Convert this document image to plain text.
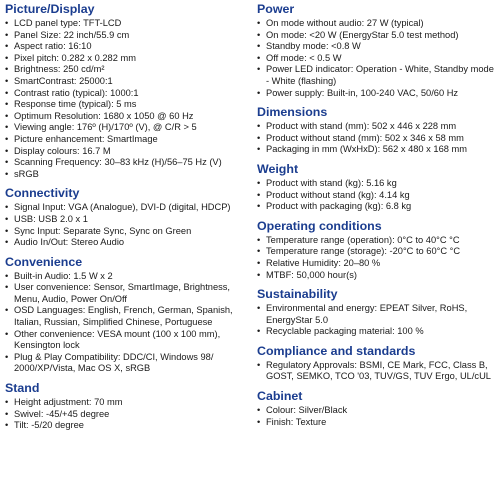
Picture/Display
• LCD panel type: TFT-LCD
• Panel Size: 22 inch/55.9 cm
• Aspect ratio: 16:10
• Pixel pitch: 0.282 x 0.282 mm
• Brightness: 250 cd/m²
• SmartContrast: 25000:1
• Contrast ratio (typical): 1000:1
• Response time (typical): 5 ms
• Optimum Resolution: 1680 x 1050 @ 60 Hz
• Viewing angle: 176º (H)/170º (V), @ C/R > 5
• Picture enhancement: SmartImage
• Display colours: 16.7 M
• Scanning Frequency: 30–83 kHz (H)/56–75 Hz (V)
• sRGB
Connectivity
• Signal Input: VGA (Analogue), DVI-D (digital, HDCP)
• USB: USB 2.0 x 1
• Sync Input: Separate Sync, Sync on Green
• Audio In/Out: Stereo Audio
Convenience
• Built-in Audio: 1.5 W x 2
• User convenience: Sensor, SmartImage, Brightness, Menu, Audio, Power On/Off
• OSD Languages: English, French, German, Spanish, Italian, Russian, Simplified Chinese, Portuguese
• Other convenience: VESA mount (100 x 100 mm), Kensington lock
• Plug & Play Compatibility: DDC/CI, Windows 98/ 2000/XP/Vista, Mac OS X, sRGB
Stand
• Height adjustment: 70 mm
• Swivel: -45/+45 degree
• Tilt: -5/20 degree
Power
• On mode without audio: 27 W (typical)
• On mode: <20 W (EnergyStar 5.0 test method)
• Standby mode: <0.8 W
• Off mode: < 0.5 W
• Power LED indicator: Operation - White, Standby mode - White (flashing)
• Power supply: Built-in, 100-240 VAC, 50/60 Hz
Dimensions
• Product with stand (mm): 502 x 446 x 228 mm
• Product without stand (mm): 502 x 346 x 58 mm
• Packaging in mm (WxHxD): 562 x 480 x 168 mm
Weight
• Product with stand (kg): 5.16 kg
• Product without stand (kg): 4.14 kg
• Product with packaging (kg): 6.8 kg
Operating conditions
• Temperature range (operation): 0°C to 40°C °C
• Temperature range (storage): -20°C to 60°C °C
• Relative Humidity: 20–80 %
• MTBF: 50,000 hour(s)
Sustainability
• Environmental and energy: EPEAT Silver, RoHS, EnergyStar 5.0
• Recyclable packaging material: 100 %
Compliance and standards
• Regulatory Approvals: BSMI, CE Mark, FCC, Class B, GOST, SEMKO, TCO '03, TUV/GS, TUV Ergo, UL/cUL
Cabinet
• Colour: Silver/Black
• Finish: Texture
